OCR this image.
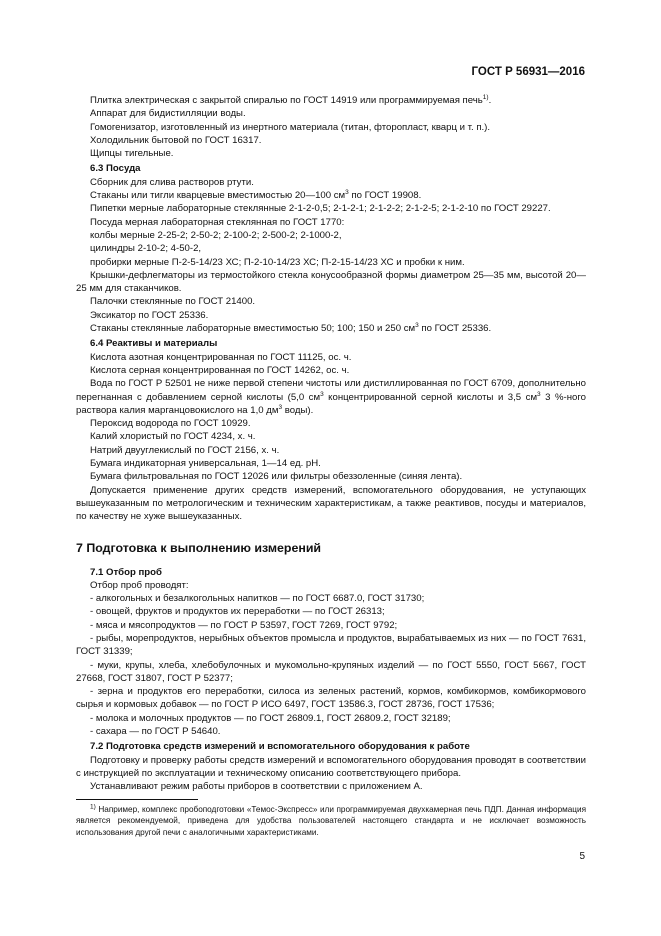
ГОСТ Р 56931—2016

Плитка электрическая с закрытой спиралью по ГОСТ 14919 или программируемая печь$^{1)}$.

Аппарат для бидистилляции воды.

Гомогенизатор, изготовленный из инертного материала (титан, фторопласт, кварц и т. п.).

Холодильник бытовой по ГОСТ 16317.

Щипцы тигельные.

6.3 Посуда

Сборник для слива растворов ртути.

Стаканы или тигли кварцевые вместимостью 20—100 $см^3$ по ГОСТ 19908.

Пипетки мерные лабораторные стеклянные 2-1-2-0,5; 2-1-2-1; 2-1-2-2; 2-1-2-5; 2-1-2-10 по ГОСТ 29227.

Посуда мерная лабораторная стеклянная по ГОСТ 1770:

колбы мерные 2-25-2; 2-50-2; 2-100-2; 2-500-2; 2-1000-2,

цилиндры 2-10-2; 4-50-2,

пробирки мерные П-2-5-14/23 ХС; П-2-10-14/23 ХС; П-2-15-14/23 ХС и пробки к ним.

Крышки-дефлегматоры из термостойкого стекла конусообразной формы диаметром 25—35 мм, высотой 20—25 мм для стаканчиков.

Палочки стеклянные по ГОСТ 21400.

Эксикатор по ГОСТ 25336.

Стаканы стеклянные лабораторные вместимостью 50; 100; 150 и 250 $см^3$ по ГОСТ 25336.

6.4 Реактивы и материалы

Кислота азотная концентрированная по ГОСТ 11125, ос. ч.

Кислота серная концентрированная по ГОСТ 14262, ос. ч.

Вода по ГОСТ Р 52501 не ниже первой степени чистоты или дистиллированная по ГОСТ 6709, дополнительно перегнанная с добавлением серной кислоты (5,0 $см^3$ концентрированной серной кислоты и 3,5 $см^3$ 3 %-ного раствора калия марганцовокислого на 1,0 $дм^3$ воды).

Пероксид водорода по ГОСТ 10929.

Калий хлористый по ГОСТ 4234, х. ч.

Натрий двууглекислый по ГОСТ 2156, х. ч.

Бумага индикаторная универсальная, 1—14 ед. рН.

Бумага фильтровальная по ГОСТ 12026 или фильтры обеззоленные (синяя лента).

Допускается применение других средств измерений, вспомогательного оборудования, не уступающих вышеуказанным по метрологическим и техническим характеристикам, а также реактивов, посуды и материалов, по качеству не хуже вышеуказанных.

7 Подготовка к выполнению измерений

7.1 Отбор проб

Отбор проб проводят:

- алкогольных и безалкогольных напитков — по ГОСТ 6687.0, ГОСТ 31730;

- овощей, фруктов и продуктов их переработки — по ГОСТ 26313;

- мяса и мясопродуктов — по ГОСТ Р 53597, ГОСТ 7269, ГОСТ 9792;

- рыбы, морепродуктов, нерыбных объектов промысла и продуктов, вырабатываемых из них — по ГОСТ 7631, ГОСТ 31339;

- муки, крупы, хлеба, хлебобулочных и мукомольно-крупяных изделий — по ГОСТ 5550, ГОСТ 5667, ГОСТ 27668, ГОСТ 31807, ГОСТ Р 52377;

- зерна и продуктов его переработки, силоса из зеленых растений, кормов, комбикормов, комбикормового сырья и кормовых добавок — по ГОСТ Р ИСО 6497, ГОСТ 13586.3, ГОСТ 28736, ГОСТ 17536;

- молока и молочных продуктов — по ГОСТ 26809.1, ГОСТ 26809.2, ГОСТ 32189;

- сахара — по ГОСТ Р 54640.

7.2 Подготовка средств измерений и вспомогательного оборудования к работе

Подготовку и проверку работы средств измерений и вспомогательного оборудования проводят в соответствии с инструкцией по эксплуатации и техническому описанию соответствующего прибора.

Устанавливают режим работы приборов в соответствии с приложением А.

$^{1)}$ Например, комплекс пробоподготовки «Темос-Экспресс» или программируемая двухкамерная печь ПДП. Данная информация является рекомендуемой, приведена для удобства пользователей настоящего стандарта и не исключает возможность использования другой печи с аналогичными характеристиками.

5
